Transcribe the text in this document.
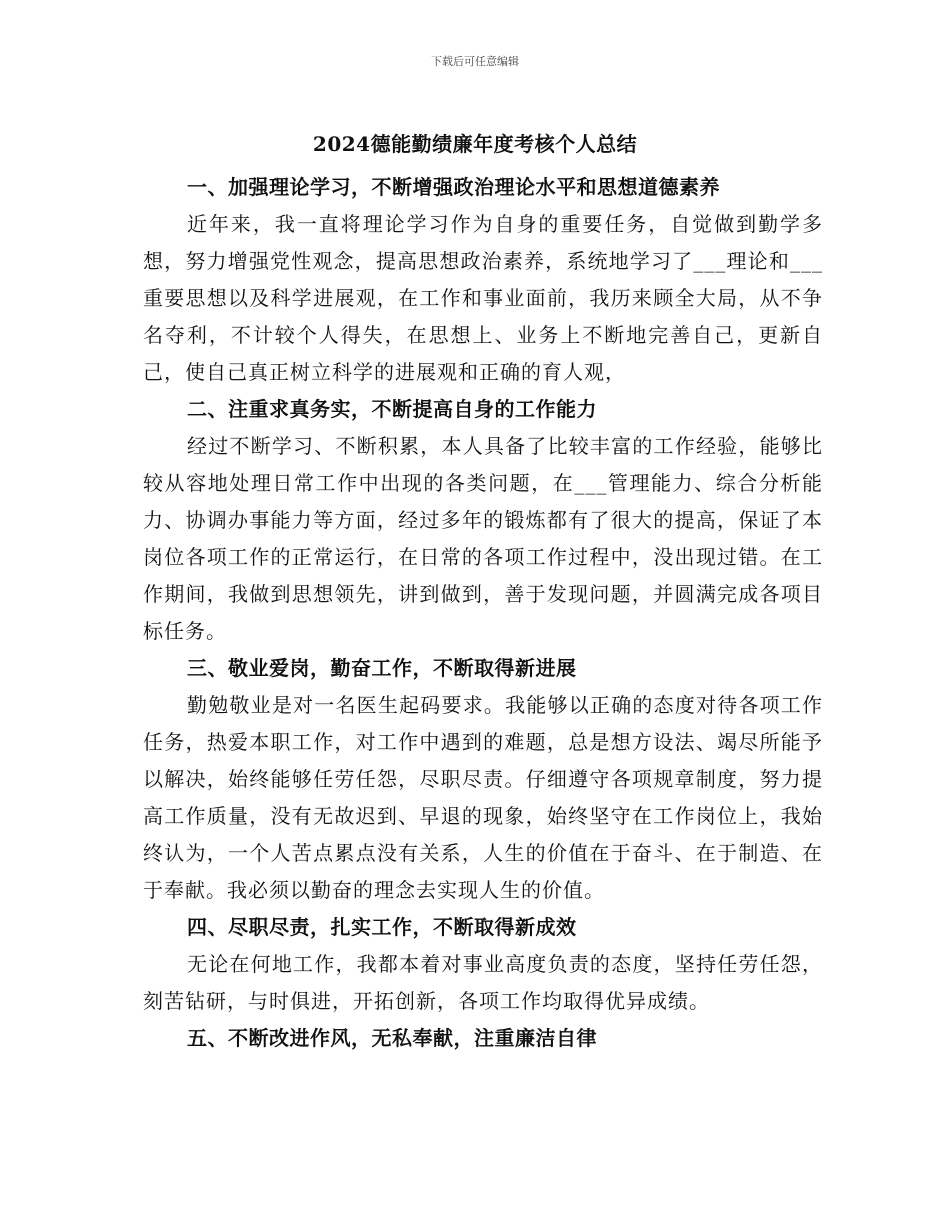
下载后可任意编辑
2024德能勤绩廉年度考核个人总结
一、加强理论学习，不断增强政治理论水平和思想道德素养

近年来，我一直将理论学习作为自身的重要任务，自觉做到勤学多想，努力增强党性观念，提高思想政治素养，系统地学习了___理论和___重要思想以及科学进展观，在工作和事业面前，我历来顾全大局，从不争名夺利，不计较个人得失，在思想上、业务上不断地完善自己，更新自己，使自己真正树立科学的进展观和正确的育人观，

二、注重求真务实，不断提高自身的工作能力

经过不断学习、不断积累，本人具备了比较丰富的工作经验，能够比较从容地处理日常工作中出现的各类问题，在___管理能力、综合分析能力、协调办事能力等方面，经过多年的锻炼都有了很大的提高，保证了本岗位各项工作的正常运行，在日常的各项工作过程中，没出现过错。在工作期间，我做到思想领先，讲到做到，善于发现问题，并圆满完成各项目标任务。

三、敬业爱岗，勤奋工作，不断取得新进展

勤勉敬业是对一名医生起码要求。我能够以正确的态度对待各项工作任务，热爱本职工作，对工作中遇到的难题，总是想方设法、竭尽所能予以解决，始终能够任劳任怨，尽职尽责。仔细遵守各项规章制度，努力提高工作质量，没有无故迟到、早退的现象，始终坚守在工作岗位上，我始终认为，一个人苦点累点没有关系，人生的价值在于奋斗、在于制造、在于奉献。我必须以勤奋的理念去实现人生的价值。

四、尽职尽责，扎实工作，不断取得新成效

无论在何地工作，我都本着对事业高度负责的态度，坚持任劳任怨，刻苦钻研，与时俱进，开拓创新，各项工作均取得优异成绩。

五、不断改进作风，无私奉献，注重廉洁自律
